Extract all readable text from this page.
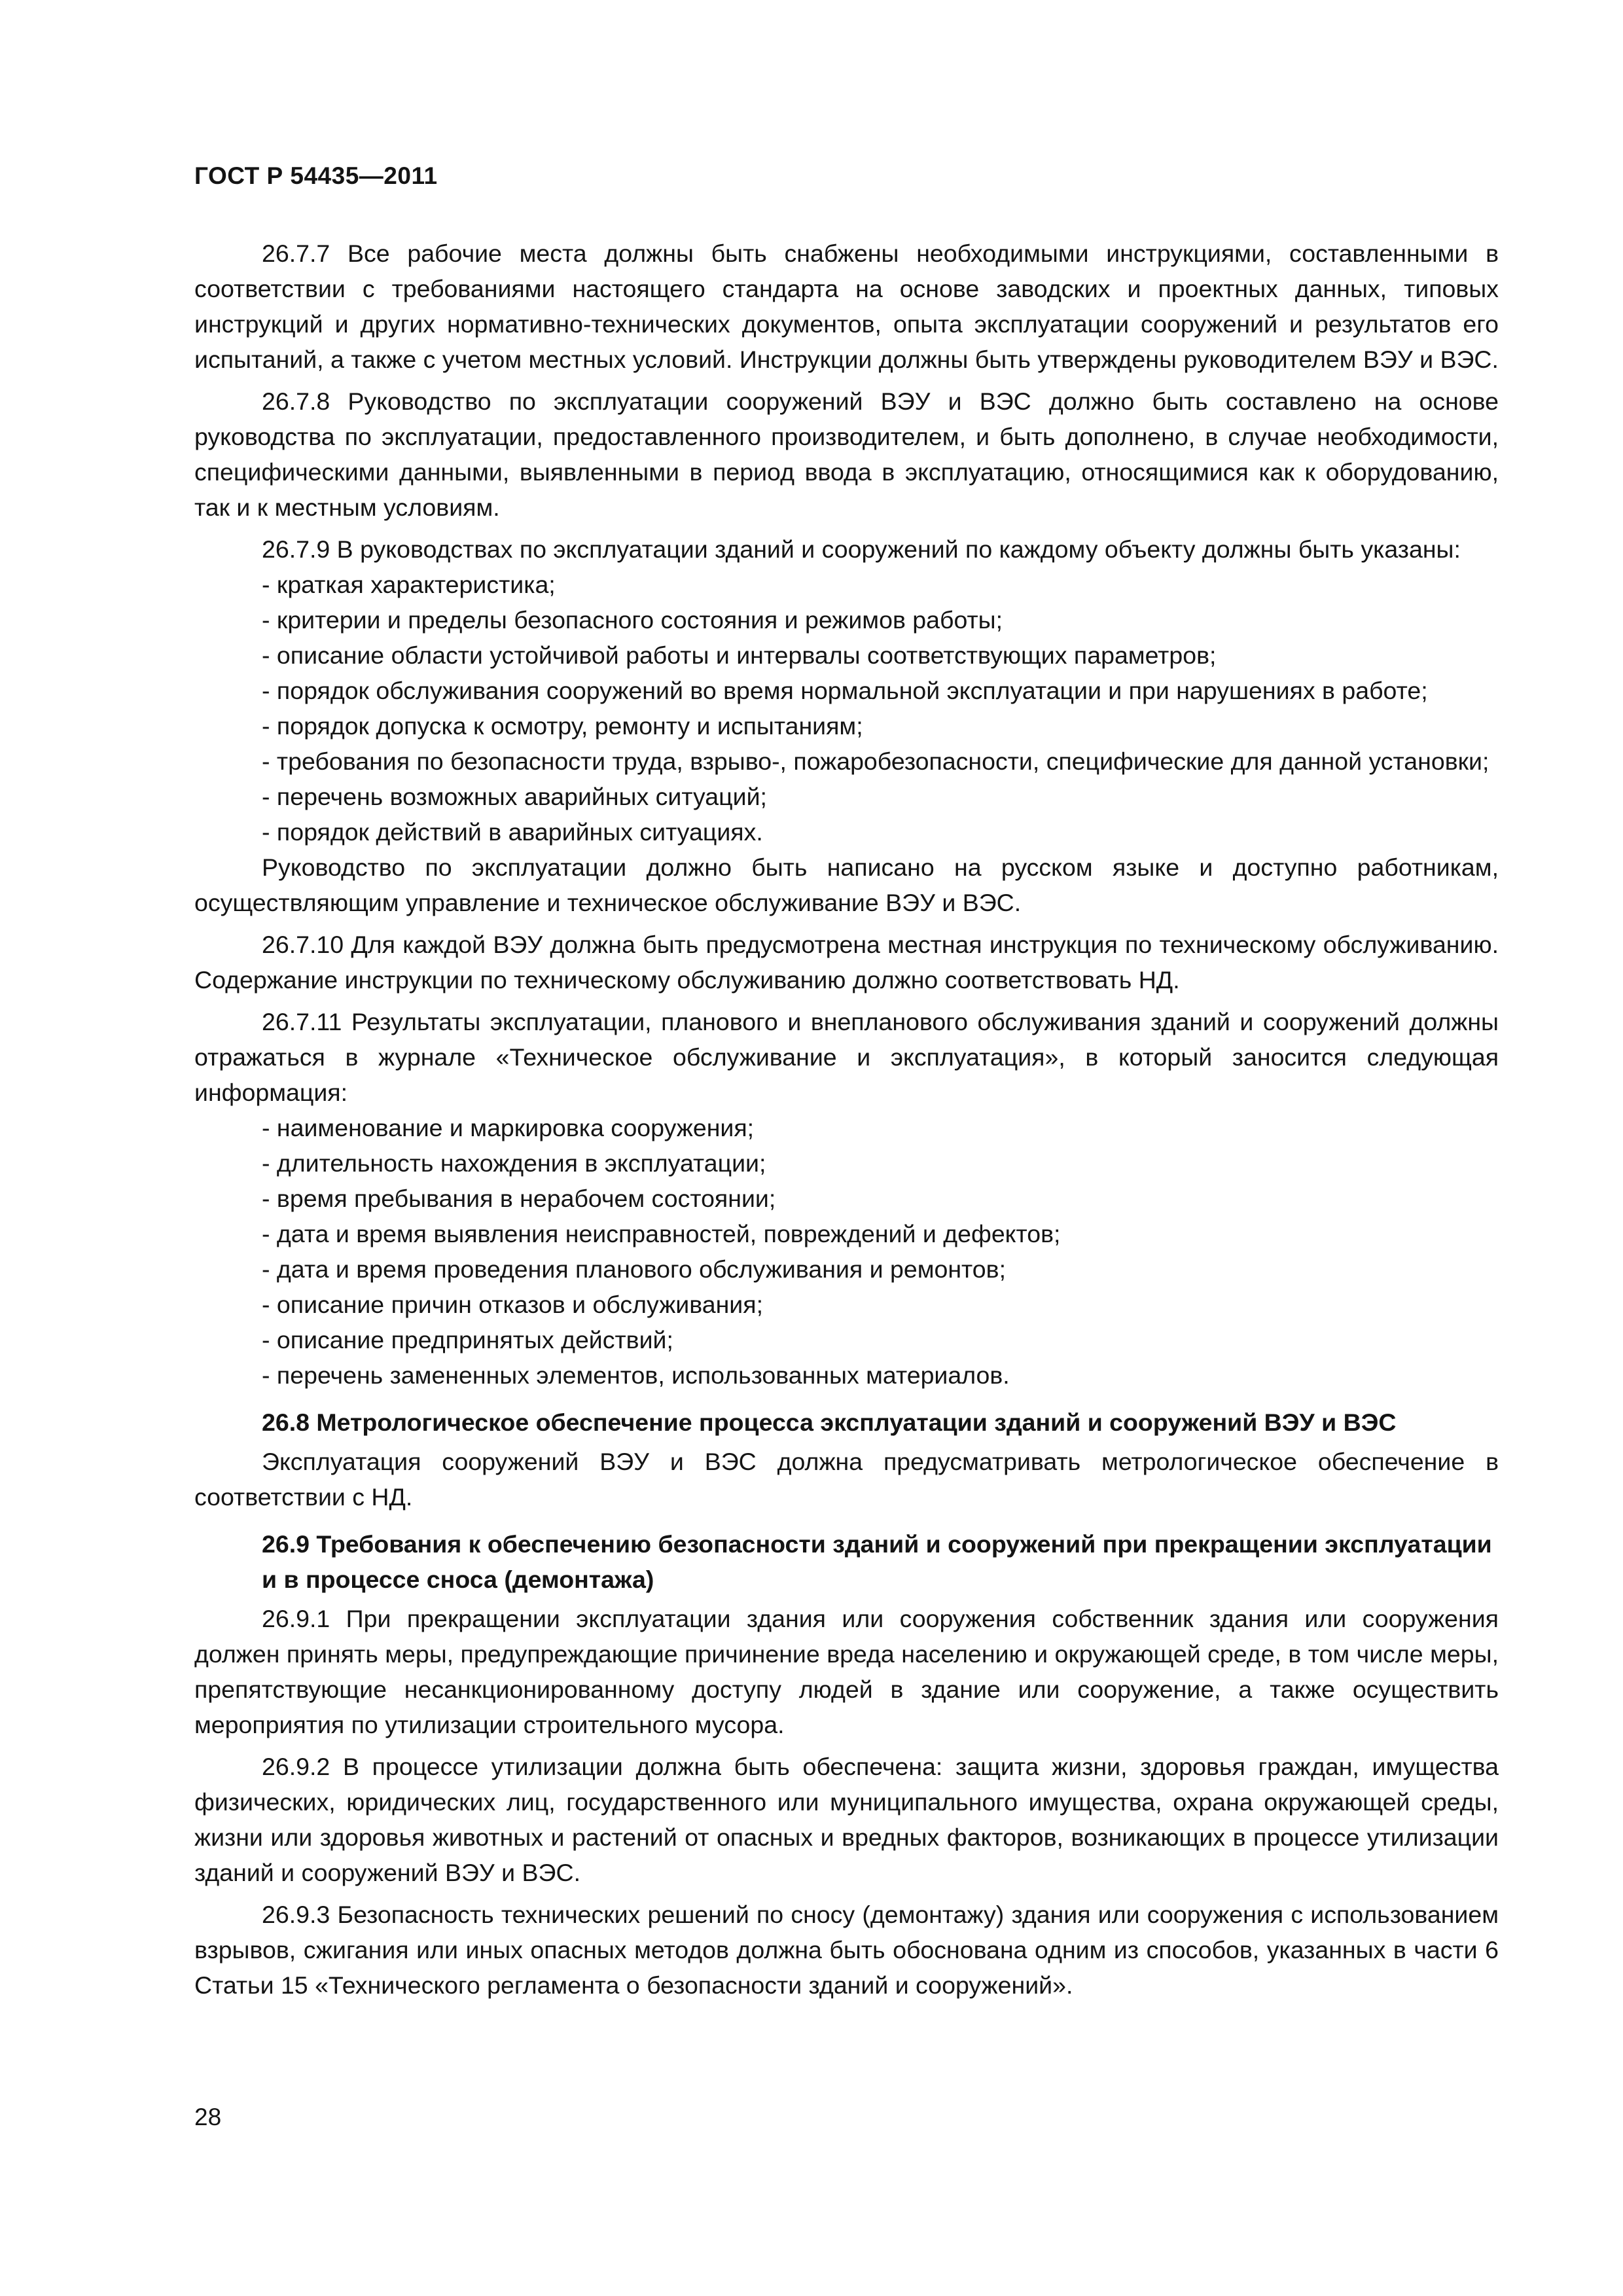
ГОСТ Р 54435—2011

26.7.7 Все рабочие места должны быть снабжены необходимыми инструкциями, составленными в соответствии с требованиями настоящего стандарта на основе заводских и проектных данных, типовых инструкций и других нормативно-технических документов, опыта эксплуатации сооружений и результатов его испытаний, а также с учетом местных условий. Инструкции должны быть утверждены руководителем ВЭУ и ВЭС.

26.7.8 Руководство по эксплуатации сооружений ВЭУ и ВЭС должно быть составлено на основе руководства по эксплуатации, предоставленного производителем, и быть дополнено, в случае необходимости, специфическими данными, выявленными в период ввода в эксплуатацию, относящимися как к оборудованию, так и к местным условиям.

26.7.9 В руководствах по эксплуатации зданий и сооружений по каждому объекту должны быть указаны:

- краткая характеристика;
- критерии и пределы безопасного состояния и режимов работы;
- описание области устойчивой работы и интервалы соответствующих параметров;
- порядок обслуживания сооружений во время нормальной эксплуатации и при нарушениях в работе;
- порядок допуска к осмотру, ремонту и испытаниям;
- требования по безопасности труда, взрыво-, пожаробезопасности, специфические для данной установки;
- перечень возможных аварийных ситуаций;
- порядок действий в аварийных ситуациях.

Руководство по эксплуатации должно быть написано на русском языке и доступно работникам, осуществляющим управление и техническое обслуживание ВЭУ и ВЭС.

26.7.10 Для каждой ВЭУ должна быть предусмотрена местная инструкция по техническому обслуживанию. Содержание инструкции по техническому обслуживанию должно соответствовать НД.

26.7.11 Результаты эксплуатации, планового и внепланового обслуживания зданий и сооружений должны отражаться в журнале «Техническое обслуживание и эксплуатация», в который заносится следующая информация:

- наименование и маркировка сооружения;
- длительность нахождения в эксплуатации;
- время пребывания в нерабочем состоянии;
- дата и время выявления неисправностей, повреждений и дефектов;
- дата и время проведения планового обслуживания и ремонтов;
- описание причин отказов и обслуживания;
- описание предпринятых действий;
- перечень замененных элементов, использованных материалов.
26.8 Метрологическое обеспечение процесса эксплуатации зданий и сооружений ВЭУ и ВЭС

Эксплуатация сооружений ВЭУ и ВЭС должна предусматривать метрологическое обеспечение в соответствии с НД.

26.9 Требования к обеспечению безопасности зданий и сооружений при прекращении эксплуатации и в процессе сноса (демонтажа)

26.9.1 При прекращении эксплуатации здания или сооружения собственник здания или сооружения должен принять меры, предупреждающие причинение вреда населению и окружающей среде, в том числе меры, препятствующие несанкционированному доступу людей в здание или сооружение, а также осуществить мероприятия по утилизации строительного мусора.

26.9.2 В процессе утилизации должна быть обеспечена: защита жизни, здоровья граждан, имущества физических, юридических лиц, государственного или муниципального имущества, охрана окружающей среды, жизни или здоровья животных и растений от опасных и вредных факторов, возникающих в процессе утилизации зданий и сооружений ВЭУ и ВЭС.

26.9.3 Безопасность технических решений по сносу (демонтажу) здания или сооружения с использованием взрывов, сжигания или иных опасных методов должна быть обоснована одним из способов, указанных в части 6 Статьи 15 «Технического регламента о безопасности зданий и сооружений».

28
